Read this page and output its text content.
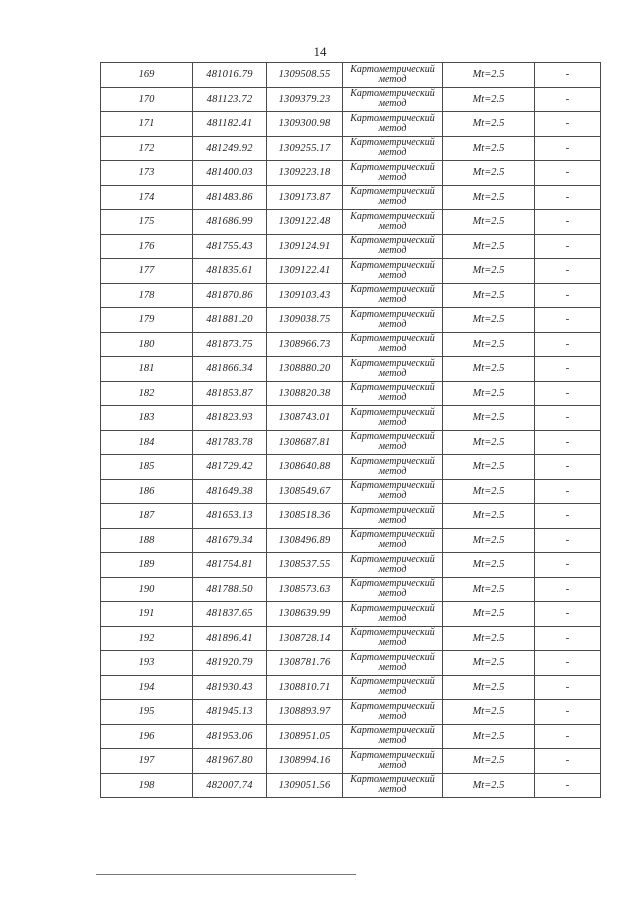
14
169	481016.79	1309508.55	Картометрический метод	Mt=2.5	-
170	481123.72	1309379.23	Картометрический метод	Mt=2.5	-
171	481182.41	1309300.98	Картометрический метод	Mt=2.5	-
172	481249.92	1309255.17	Картометрический метод	Mt=2.5	-
173	481400.03	1309223.18	Картометрический метод	Mt=2.5	-
174	481483.86	1309173.87	Картометрический метод	Mt=2.5	-
175	481686.99	1309122.48	Картометрический метод	Mt=2.5	-
176	481755.43	1309124.91	Картометрический метод	Mt=2.5	-
177	481835.61	1309122.41	Картометрический метод	Mt=2.5	-
178	481870.86	1309103.43	Картометрический метод	Mt=2.5	-
179	481881.20	1309038.75	Картометрический метод	Mt=2.5	-
180	481873.75	1308966.73	Картометрический метод	Mt=2.5	-
181	481866.34	1308880.20	Картометрический метод	Mt=2.5	-
182	481853.87	1308820.38	Картометрический метод	Mt=2.5	-
183	481823.93	1308743.01	Картометрический метод	Mt=2.5	-
184	481783.78	1308687.81	Картометрический метод	Mt=2.5	-
185	481729.42	1308640.88	Картометрический метод	Mt=2.5	-
186	481649.38	1308549.67	Картометрический метод	Mt=2.5	-
187	481653.13	1308518.36	Картометрический метод	Mt=2.5	-
188	481679.34	1308496.89	Картометрический метод	Mt=2.5	-
189	481754.81	1308537.55	Картометрический метод	Mt=2.5	-
190	481788.50	1308573.63	Картометрический метод	Mt=2.5	-
191	481837.65	1308639.99	Картометрический метод	Mt=2.5	-
192	481896.41	1308728.14	Картометрический метод	Mt=2.5	-
193	481920.79	1308781.76	Картометрический метод	Mt=2.5	-
194	481930.43	1308810.71	Картометрический метод	Mt=2.5	-
195	481945.13	1308893.97	Картометрический метод	Mt=2.5	-
196	481953.06	1308951.05	Картометрический метод	Mt=2.5	-
197	481967.80	1308994.16	Картометрический метод	Mt=2.5	-
198	482007.74	1309051.56	Картометрический метод	Mt=2.5	-
